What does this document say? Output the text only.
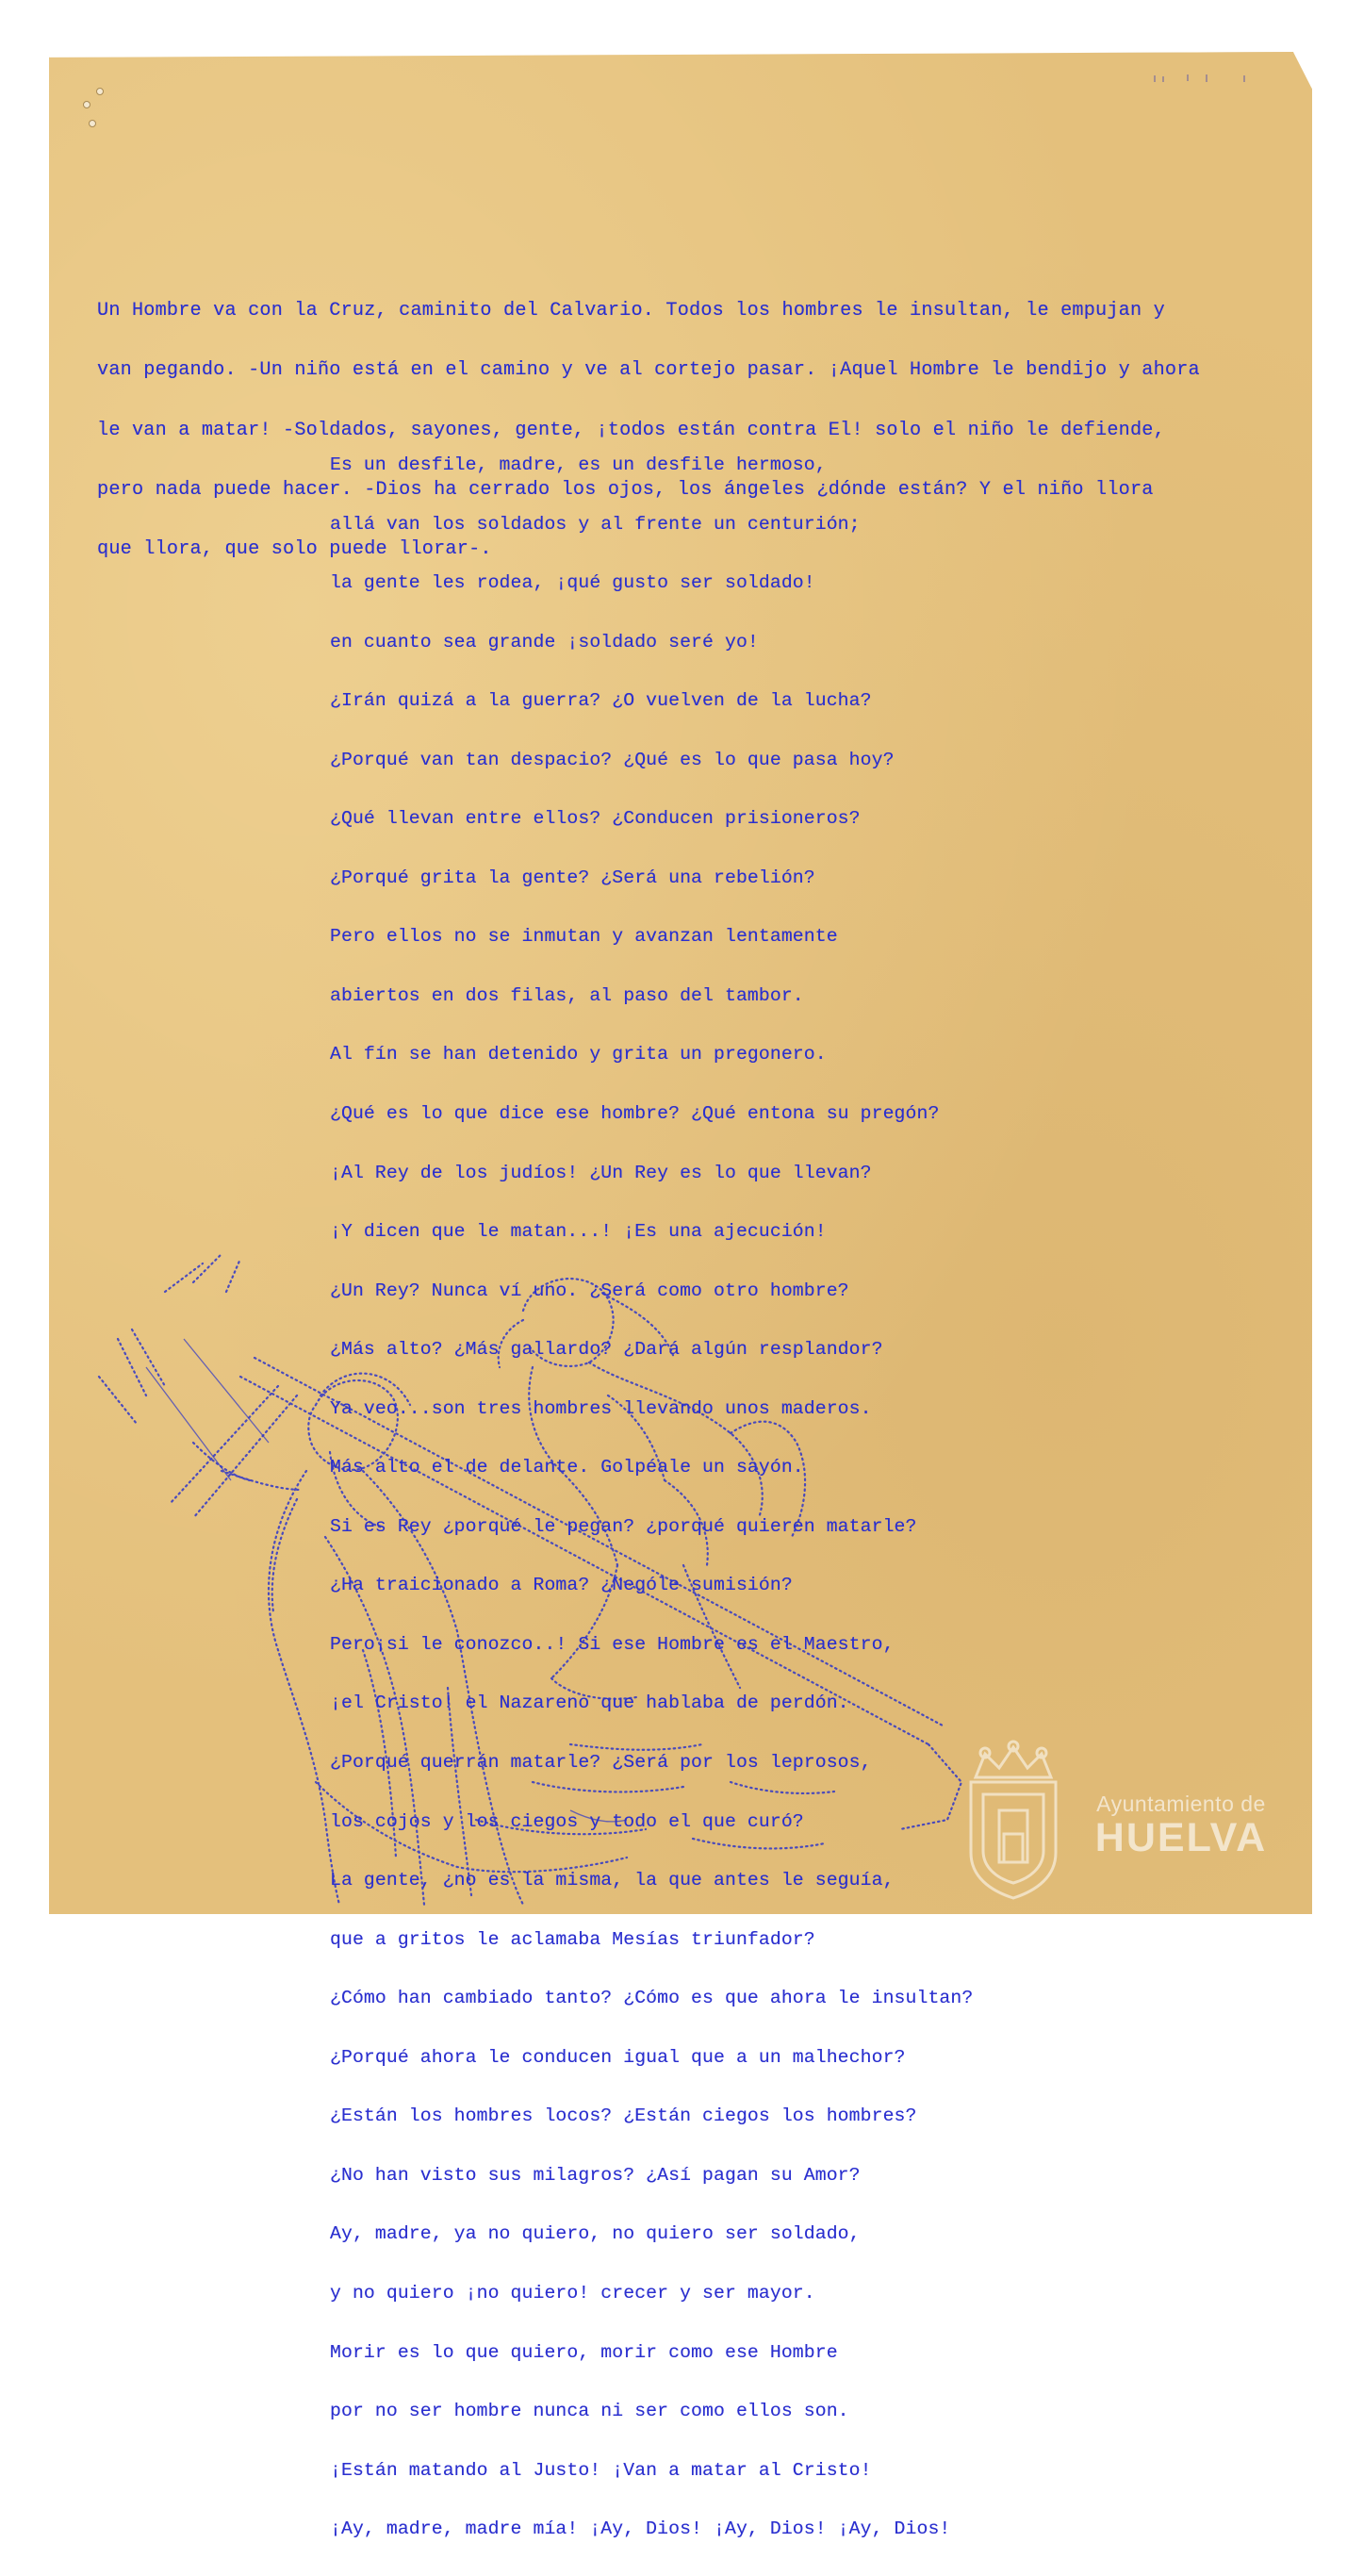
Un Hombre va con la Cruz, caminito del Calvario. Todos los hombres le insultan, le empujan y

van pegando. -Un niño está en el camino y ve al cortejo pasar. ¡Aquel Hombre le bendijo y ahora

le van a matar! -Soldados, sayones, gente, ¡todos están contra El! solo el niño le defiende,

pero nada puede hacer. -Dios ha cerrado los ojos, los ángeles ¿dónde están? Y el niño llora

que llora, que solo puede llorar-.

Es un desfile, madre, es un desfile hermoso,

allá van los soldados y al frente un centurión;

la gente les rodea, ¡qué gusto ser soldado!

en cuanto sea grande ¡soldado seré yo!

¿Irán quizá a la guerra? ¿O vuelven de la lucha?

¿Porqué van tan despacio? ¿Qué es lo que pasa hoy?

¿Qué llevan entre ellos? ¿Conducen prisioneros?

¿Porqué grita la gente? ¿Será una rebelión?

Pero ellos no se inmutan y avanzan lentamente

abiertos en dos filas, al paso del tambor.

Al fín se han detenido y grita un pregonero.

¿Qué es lo que dice ese hombre? ¿Qué entona su pregón?

¡Al Rey de los judíos! ¿Un Rey es lo que llevan?

¡Y dicen que le matan...! ¡Es una ajecución!

¿Un Rey? Nunca ví uno. ¿Será como otro hombre?

¿Más alto? ¿Más gallardo? ¿Dará algún resplandor?

Ya veo...son tres hombres llevando unos maderos.

Más alto el de delante. Golpéale un sayón.

Si es Rey ¿porqué le pegan? ¿porqué quieren matarle?

¿Ha traicionado a Roma? ¿Nególe sumisión?

Pero¡si le conozco..! Si ese Hombre es el Maestro,

¡el Cristo! el Nazareno que hablaba de perdón.

¿Porqué querrán matarle? ¿Será por los leprosos,

los cojos y los ciegos y todo el que curó?

La gente, ¿no es la misma, la que antes le seguía,

que a gritos le aclamaba Mesías triunfador?

¿Cómo han cambiado tanto? ¿Cómo es que ahora le insultan?

¿Porqué ahora le conducen igual que a un malhechor?

¿Están los hombres locos? ¿Están ciegos los hombres?

¿No han visto sus milagros? ¿Así pagan su Amor?

Ay, madre, ya no quiero, no quiero ser soldado,

y no quiero ¡no quiero! crecer y ser mayor.

Morir es lo que quiero, morir como ese Hombre

por no ser hombre nunca ni ser como ellos son.

¡Están matando al Justo! ¡Van a matar al Cristo!

¡Ay, madre, madre mía! ¡Ay, Dios! ¡Ay, Dios! ¡Ay, Dios!

Ayuntamiento de
HUELVA
